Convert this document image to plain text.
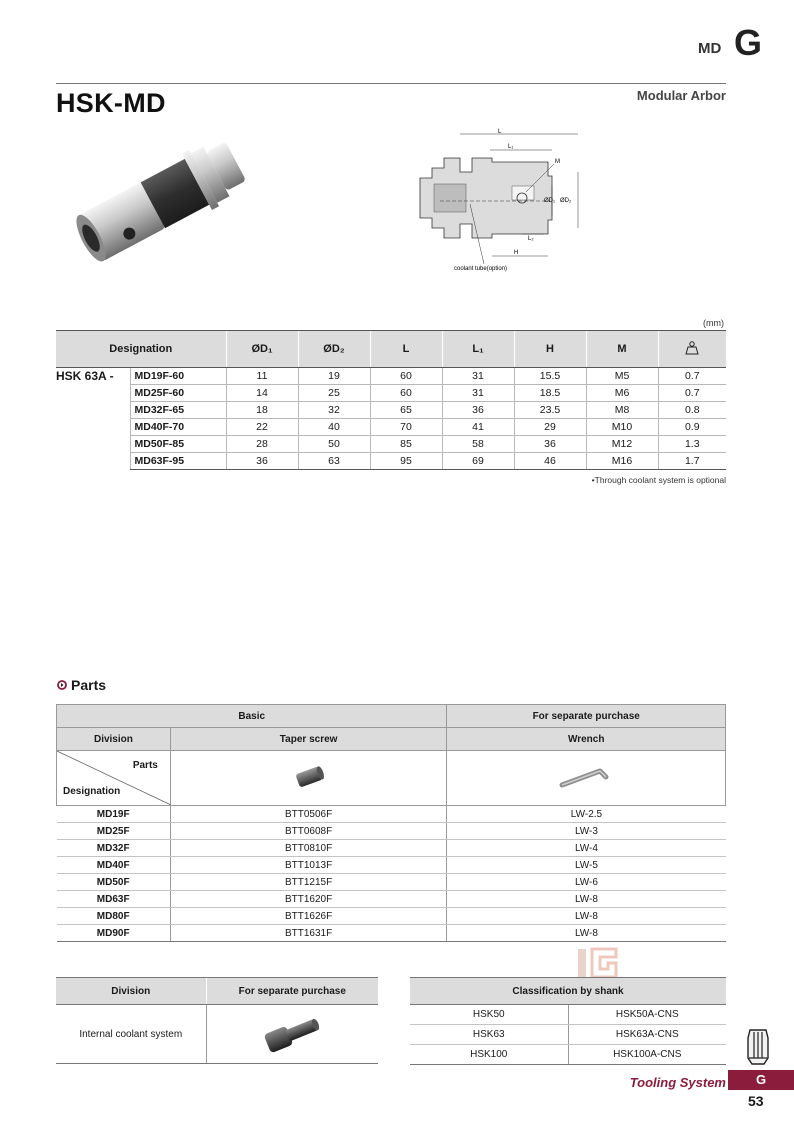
MD G
HSK-MD	Modular Arbor
L
L₁
M
ØD₁ ØD₂
L₂
H
coolant tube(option)
(mm)
Designation		ØD₁	ØD₂	L	L₁	H	M	
HSK 63A -	MD19F-60	11	19	60	31	15.5	M5	0.7
	MD25F-60	14	25	60	31	18.5	M6	0.7
	MD32F-65	18	32	65	36	23.5	M8	0.8
	MD40F-70	22	40	70	41	29	M10	0.9
	MD50F-85	28	50	85	58	36	M12	1.3
	MD63F-95	36	63	95	69	46	M16	1.7
•Through coolant system is optional
Parts
Basic		For separate purchase
Division	Taper screw	Wrench

Parts
Designation

MD19F	BTT0506F	LW-2.5
MD25F	BTT0608F	LW-3
MD32F	BTT0810F	LW-4
MD40F	BTT1013F	LW-5
MD50F	BTT1215F	LW-6
MD63F	BTT1620F	LW-8
MD80F	BTT1626F	LW-8
MD90F	BTT1631F	LW-8
Division	For separate purchase
Internal coolant system	
Classification by shank	
HSK50	HSK50A-CNS
HSK63	HSK63A-CNS
HSK100	HSK100A-CNS
Tooling System	G
53
